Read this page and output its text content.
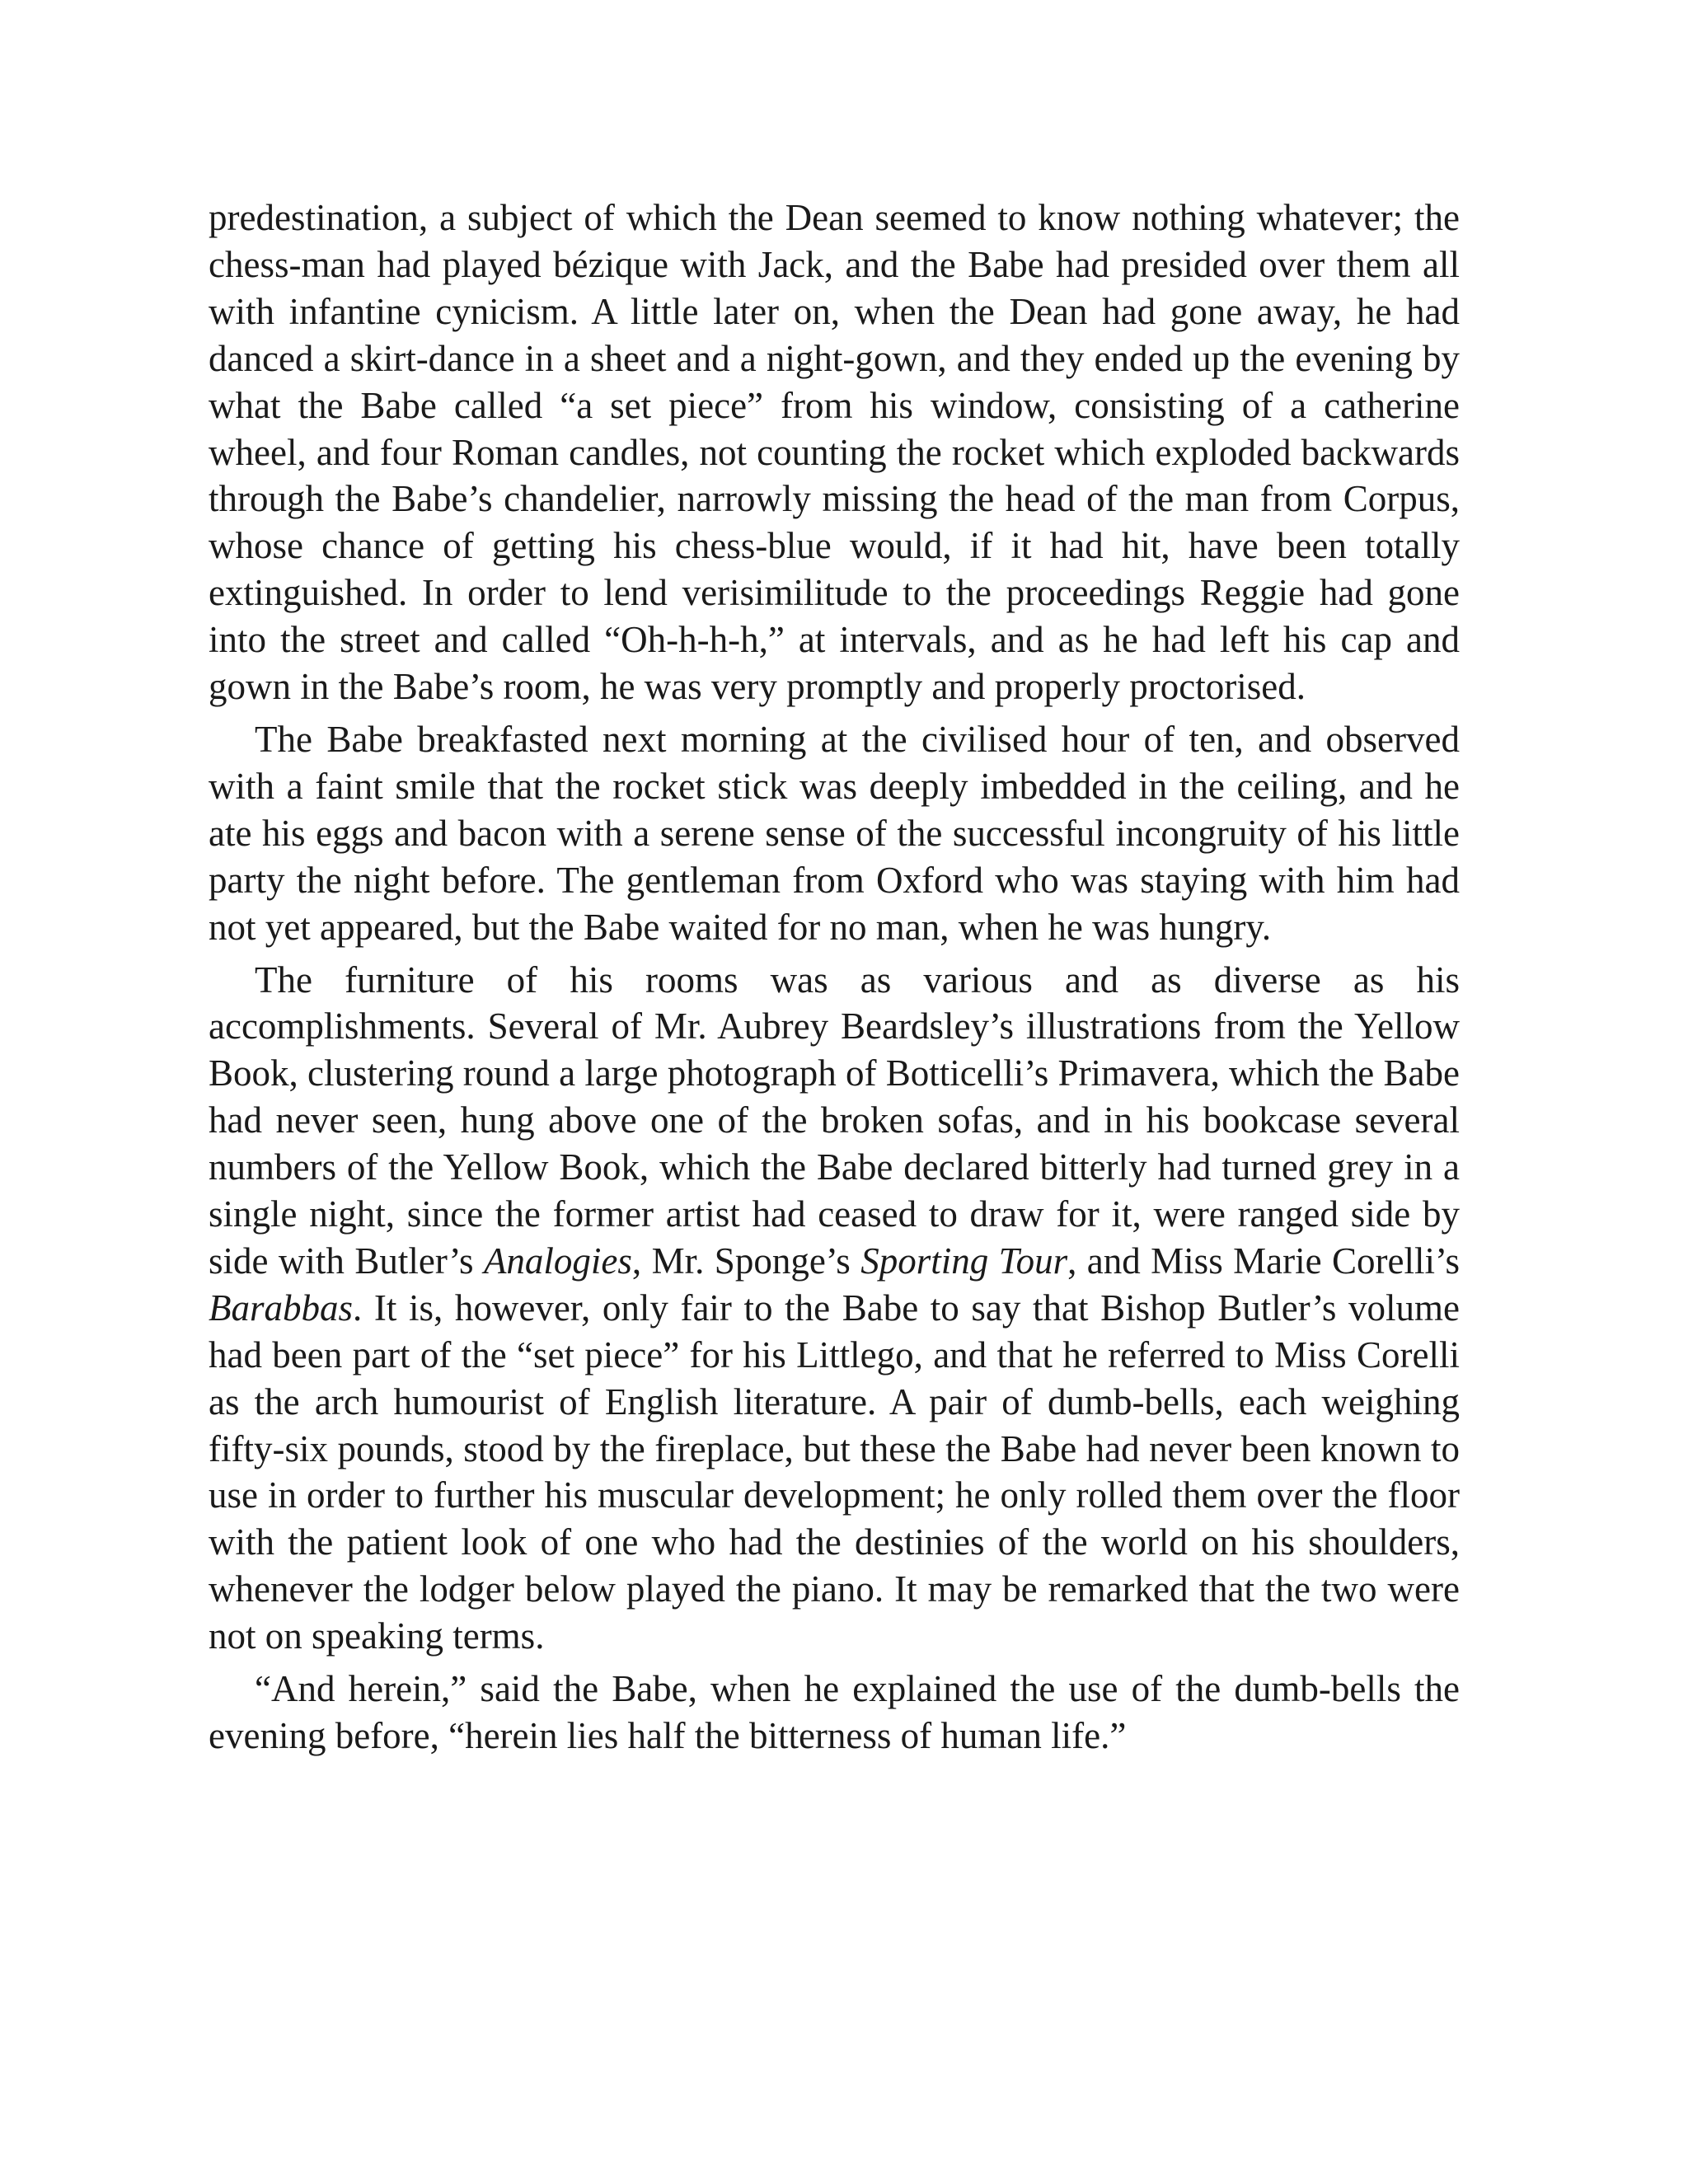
predestination, a subject of which the Dean seemed to know nothing whatever; the chess-man had played bézique with Jack, and the Babe had presided over them all with infantine cynicism. A little later on, when the Dean had gone away, he had danced a skirt-dance in a sheet and a night-gown, and they ended up the evening by what the Babe called “a set piece” from his window, consisting of a catherine wheel, and four Roman candles, not counting the rocket which exploded backwards through the Babe’s chandelier, narrowly missing the head of the man from Corpus, whose chance of getting his chess-blue would, if it had hit, have been totally extinguished. In order to lend verisimilitude to the proceedings Reggie had gone into the street and called “Oh-h-h-h,” at intervals, and as he had left his cap and gown in the Babe’s room, he was very promptly and properly proctorised.

The Babe breakfasted next morning at the civilised hour of ten, and observed with a faint smile that the rocket stick was deeply imbedded in the ceiling, and he ate his eggs and bacon with a serene sense of the successful incongruity of his little party the night before. The gentleman from Oxford who was staying with him had not yet appeared, but the Babe waited for no man, when he was hungry.

The furniture of his rooms was as various and as diverse as his accomplishments. Several of Mr. Aubrey Beardsley’s illustrations from the Yellow Book, clustering round a large photograph of Botticelli’s Primavera, which the Babe had never seen, hung above one of the broken sofas, and in his bookcase several numbers of the Yellow Book, which the Babe declared bitterly had turned grey in a single night, since the former artist had ceased to draw for it, were ranged side by side with Butler’s Analogies, Mr. Sponge’s Sporting Tour, and Miss Marie Corelli’s Barabbas. It is, however, only fair to the Babe to say that Bishop Butler’s volume had been part of the “set piece” for his Littlego, and that he referred to Miss Corelli as the arch humourist of English literature. A pair of dumb-bells, each weighing fifty-six pounds, stood by the fireplace, but these the Babe had never been known to use in order to further his muscular development; he only rolled them over the floor with the patient look of one who had the destinies of the world on his shoulders, whenever the lodger below played the piano. It may be remarked that the two were not on speaking terms.

“And herein,” said the Babe, when he explained the use of the dumb-bells the evening before, “herein lies half the bitterness of human life.”
